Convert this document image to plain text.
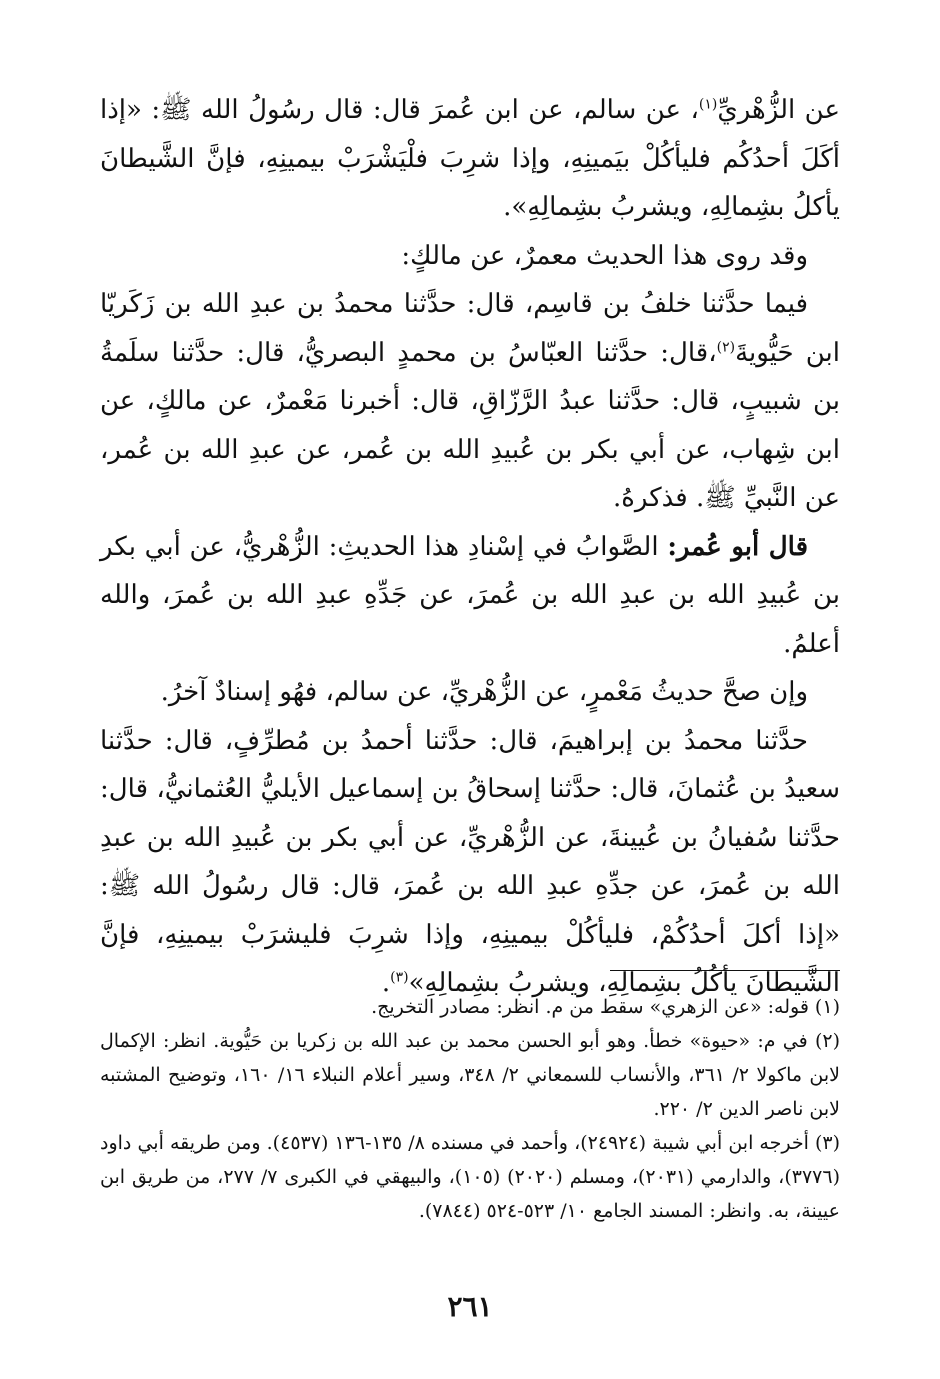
عن الزُّهْريِّ$^{(١)}$، عن سالم، عن ابن عُمرَ قال: قال رسُولُ الله ﷺ: «إذا أكَلَ أحدُكُم فليأكُلْ بيَمينِهِ، وإذا شرِبَ فلْيَشْرَبْ بيمينِهِ، فإنَّ الشَّيطانَ يأكلُ بشِمالِهِ، ويشربُ بشِمالِهِ».

وقد روى هذا الحديث معمرٌ، عن مالكٍ:

فيما حدَّثنا خلفُ بن قاسِم، قال: حدَّثنا محمدُ بن عبدِ الله بن زَكَريّا ابن حَيُّويةَ$^{(٢)}$،قال: حدَّثنا العبّاسُ بن محمدٍ البصريُّ، قال: حدَّثنا سلَمةُ بن شبيبٍ، قال: حدَّثنا عبدُ الرَّزّاقِ، قال: أخبرنا مَعْمرٌ، عن مالكٍ، عن ابن شِهاب، عن أبي بكر بن عُبيدِ الله بن عُمر، عن عبدِ الله بن عُمر، عن النَّبيِّ ﷺ. فذكرهُ.

قال أبو عُمر: الصَّوابُ في إسْنادِ هذا الحديثِ: الزُّهْريُّ، عن أبي بكر بن عُبيدِ الله بن عبدِ الله بن عُمرَ، عن جَدِّهِ عبدِ الله بن عُمرَ، والله أعلمُ.

وإن صحَّ حديثُ مَعْمرٍ، عن الزُّهْريِّ، عن سالم، فهُو إسنادٌ آخرُ.

حدَّثنا محمدُ بن إبراهيمَ، قال: حدَّثنا أحمدُ بن مُطرِّفٍ، قال: حدَّثنا سعيدُ بن عُثمانَ، قال: حدَّثنا إسحاقُ بن إسماعيل الأيليُّ العُثمانيُّ، قال: حدَّثنا سُفيانُ بن عُيينةَ، عن الزُّهْريِّ، عن أبي بكر بن عُبيدِ الله بن عبدِ الله بن عُمرَ، عن جدِّهِ عبدِ الله بن عُمرَ، قال: قال رسُولُ الله ﷺ: «إذا أكلَ أحدُكُمْ، فليأكُلْ بيمينِهِ، وإذا شرِبَ فليشرَبْ بيمينِهِ، فإنَّ الشَّيطانَ يأكُلُ بشِمالِهِ، ويشربُ بشِمالِهِ»$^{(٣)}$.

(١) قوله: «عن الزهري» سقط من م. انظر: مصادر التخريج.

(٢) في م: «حيوة» خطأ. وهو أبو الحسن محمد بن عبد الله بن زكريا بن حَيُّوية. انظر: الإكمال لابن ماكولا ٢/ ٣٦١، والأنساب للسمعاني ٢/ ٣٤٨، وسير أعلام النبلاء ١٦/ ١٦٠، وتوضيح المشتبه لابن ناصر الدين ٢/ ٢٢٠.

(٣) أخرجه ابن أبي شيبة (٢٤٩٢٤)، وأحمد في مسنده ٨/ ١٣٥-١٣٦ (٤٥٣٧). ومن طريقه أبي داود (٣٧٧٦)، والدارمي (٢٠٣١)، ومسلم (٢٠٢٠) (١٠٥)، والبيهقي في الكبرى ٧/ ٢٧٧، من طريق ابن عيينة، به. وانظر: المسند الجامع ١٠/ ٥٢٣-٥٢٤ (٧٨٤٤).

٢٦١
